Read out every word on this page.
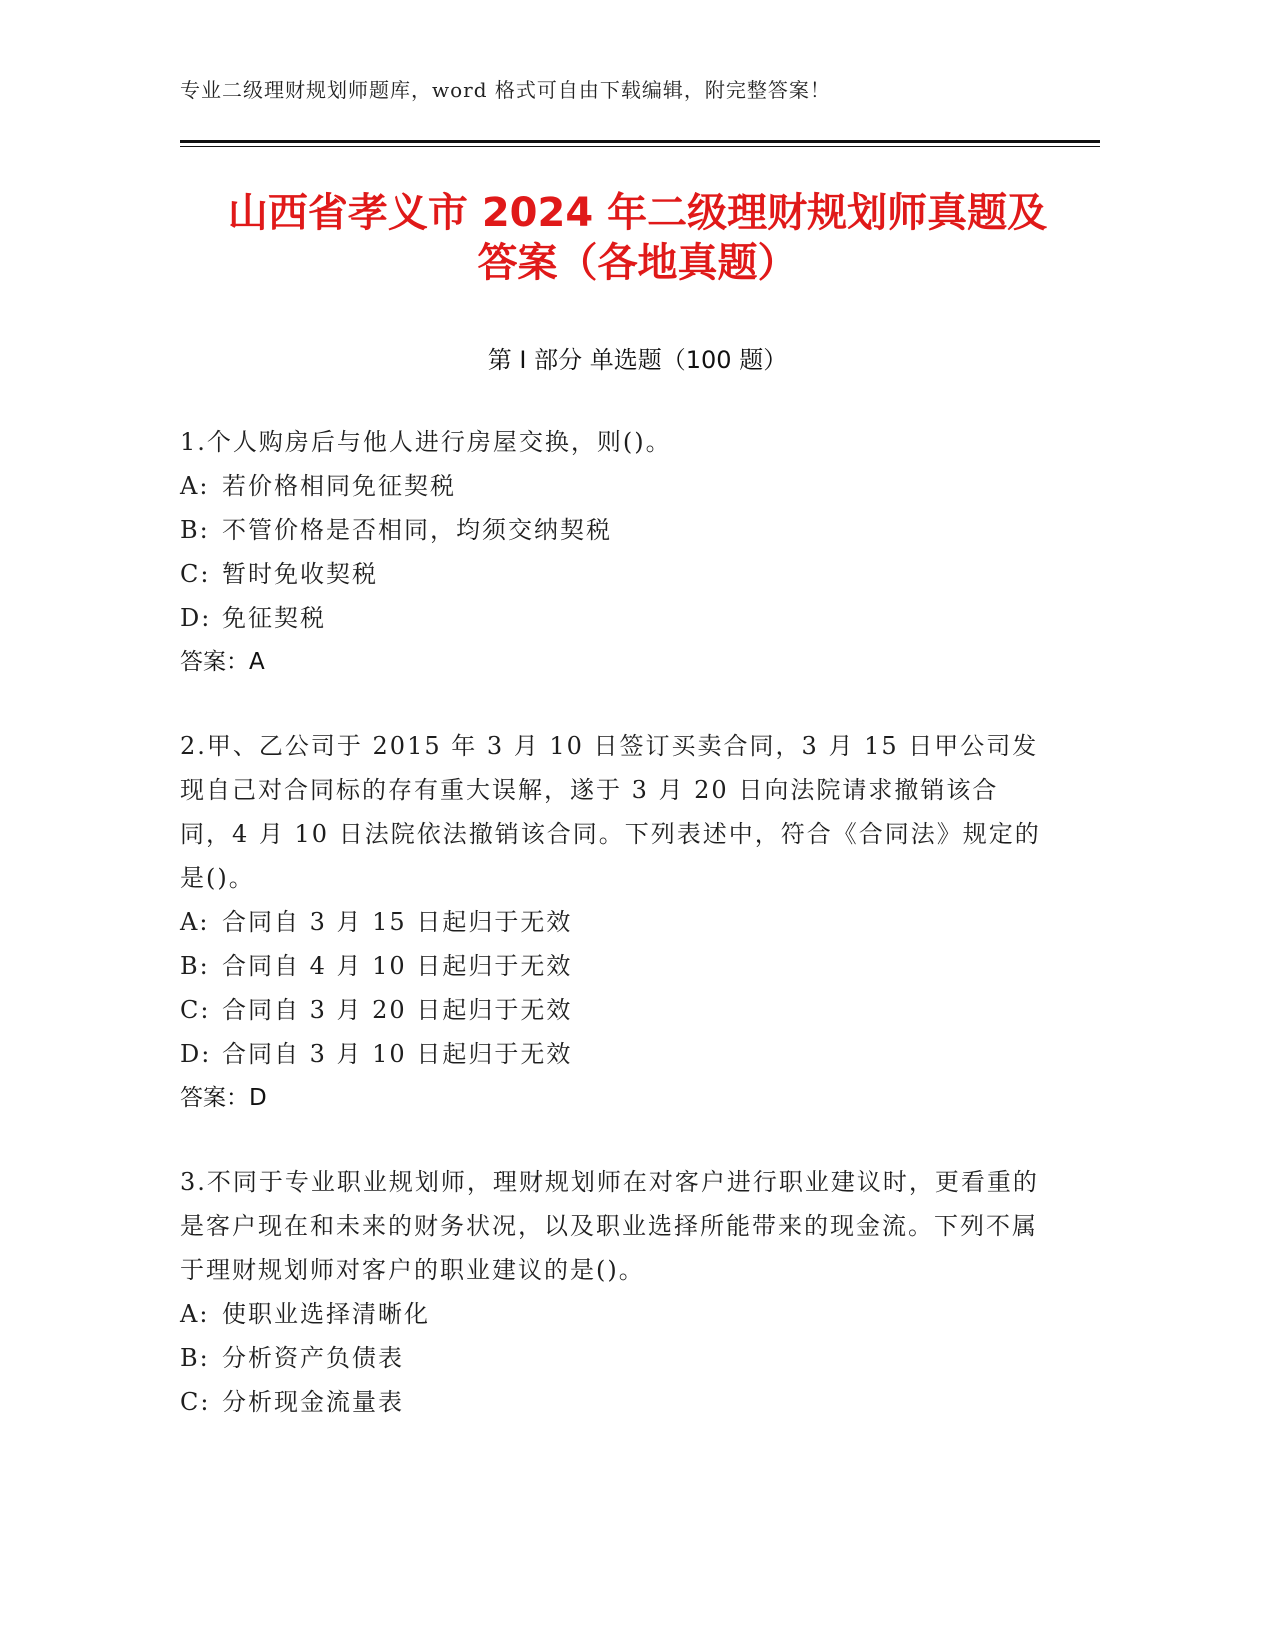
专业二级理财规划师题库，word 格式可自由下载编辑，附完整答案！
山西省孝义市 2024 年二级理财规划师真题及
答案（各地真题）
第 I 部分 单选题（100 题）
1.个人购房后与他人进行房屋交换，则()。
A: 若价格相同免征契税
B: 不管价格是否相同，均须交纳契税
C: 暂时免收契税
D: 免征契税
答案：A
2.甲、乙公司于 2015 年 3 月 10 日签订买卖合同，3 月 15 日甲公司发现自己对合同标的存有重大误解，遂于 3 月 20 日向法院请求撤销该合同，4 月 10 日法院依法撤销该合同。下列表述中，符合《合同法》规定的是()。
A: 合同自 3 月 15 日起归于无效
B: 合同自 4 月 10 日起归于无效
C: 合同自 3 月 20 日起归于无效
D: 合同自 3 月 10 日起归于无效
答案：D
3.不同于专业职业规划师，理财规划师在对客户进行职业建议时，更看重的是客户现在和未来的财务状况，以及职业选择所能带来的现金流。下列不属于理财规划师对客户的职业建议的是()。
A: 使职业选择清晰化
B: 分析资产负债表
C: 分析现金流量表
